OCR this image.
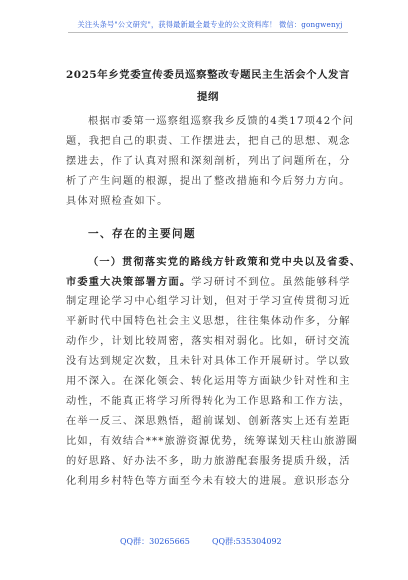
关注头条号"公文研究"，获得最新最全最专业的公文资料库！ 微信：gongwenyj
2025年乡党委宣传委员巡察整改专题民主生活会个人发言
提纲
根据市委第一巡察组巡察我乡反馈的4类17项42个问
题，我把自己的职责、工作摆进去，把自己的思想、观念
摆进去，作了认真对照和深刻剖析，列出了问题所在，分
析了产生问题的根源，提出了整改措施和今后努力方向。
具体对照检查如下。
一、存在的主要问题
（一）贯彻落实党的路线方针政策和党中央以及省委、
市委重大决策部署方面。学习研讨不到位。虽然能够科学
制定理论学习中心组学习计划，但对于学习宣传贯彻习近
平新时代中国特色社会主义思想，往往集体动作多，分解
动作少，计划比较周密，落实相对弱化。比如，研讨交流
没有达到规定次数，且未针对具体工作开展研讨。学以致
用不深入。在深化领会、转化运用等方面缺少针对性和主
动性，不能真正将学习所得转化为工作思路和工作方法，
在举一反三、深思熟悟，超前谋划、创新落实上还有差距
比如，有效结合***旅游资源优势，统筹谋划天柱山旅游圈
的好思路、好办法不多，助力旅游配套服务提质升级，活
化利用乡村特色等方面至今未有较大的进展。意识形态分
QQ群：30265665	QQ群:535304092
